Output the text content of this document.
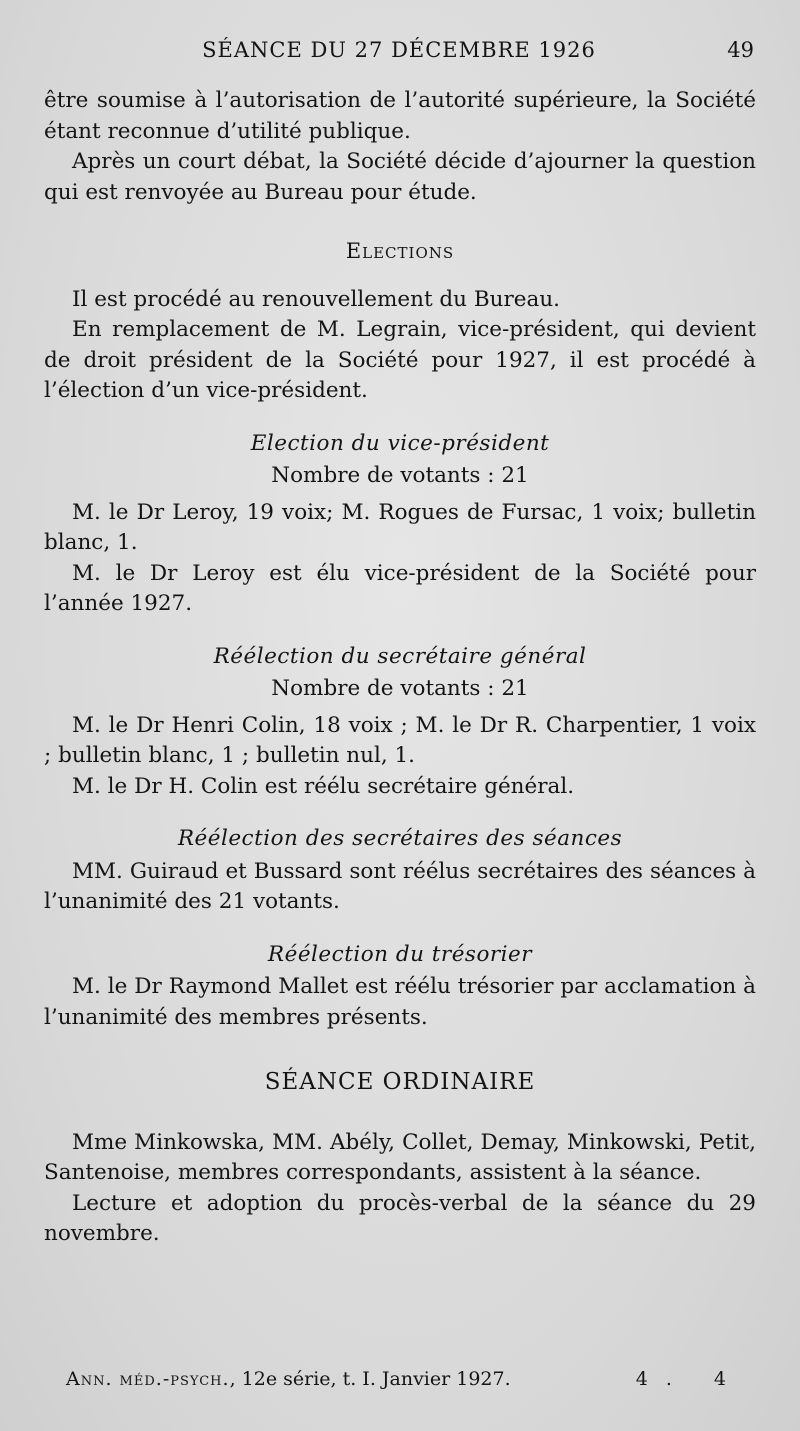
SÉANCE DU 27 DÉCEMBRE 1926	49

être soumise à l’autorisation de l’autorité supérieure, la Société étant reconnue d’utilité publique.

Après un court débat, la Société décide d’ajourner la question qui est renvoyée au Bureau pour étude.

Elections

Il est procédé au renouvellement du Bureau.

En remplacement de M. Legrain, vice-président, qui devient de droit président de la Société pour 1927, il est procédé à l’élection d’un vice-président.

Election du vice-président
Nombre de votants : 21

M. le Dr Leroy, 19 voix; M. Rogues de Fursac, 1 voix; bulletin blanc, 1.

M. le Dr Leroy est élu vice-président de la Société pour l’année 1927.

Réélection du secrétaire général
Nombre de votants : 21

M. le Dr Henri Colin, 18 voix ; M. le Dr R. Charpentier, 1 voix ; bulletin blanc, 1 ; bulletin nul, 1.

M. le Dr H. Colin est réélu secrétaire général.

Réélection des secrétaires des séances

MM. Guiraud et Bussard sont réélus secrétaires des séances à l’unanimité des 21 votants.

Réélection du trésorier

M. le Dr Raymond Mallet est réélu trésorier par acclamation à l’unanimité des membres présents.

SÉANCE ORDINAIRE

Mme Minkowska, MM. Abély, Collet, Demay, Minkowski, Petit, Santenoise, membres correspondants, assistent à la séance.

Lecture et adoption du procès-verbal de la séance du 29 novembre.

Ann. méd.-psych., 12e série, t. I. Janvier 1927.	4. 4
